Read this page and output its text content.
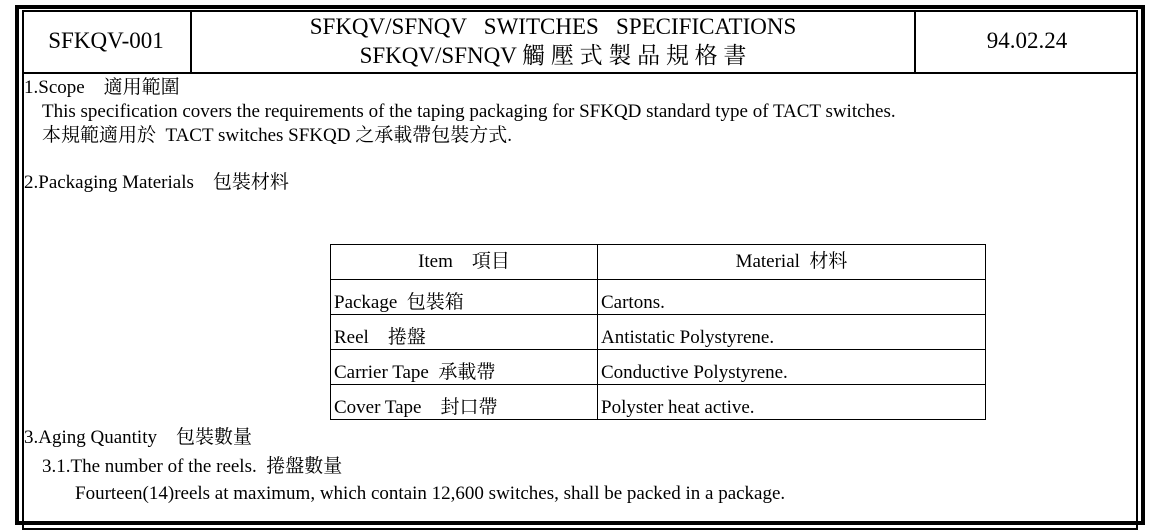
SFKQV-001
SFKQV/SFNQV   SWITCHES   SPECIFICATIONS
SFKQV/SFNQV 觸 壓 式 製 品 規 格 書
94.02.24
1.Scope    適用範圍
This specification covers the requirements of the taping packaging for SFKQD standard type of TACT switches.
本規範適用於  TACT switches SFKQD 之承載帶包裝方式.
2.Packaging Materials    包裝材料
Item    項目	Material  材料
Package  包裝箱	Cartons.
Reel    捲盤	Antistatic Polystyrene.
Carrier Tape  承載帶	Conductive Polystyrene.
Cover Tape    封口帶	Polyster heat active.
3.Aging Quantity    包裝數量
3.1.The number of the reels.  捲盤數量
Fourteen(14)reels at maximum, which contain 12,600 switches, shall be packed in a package.
